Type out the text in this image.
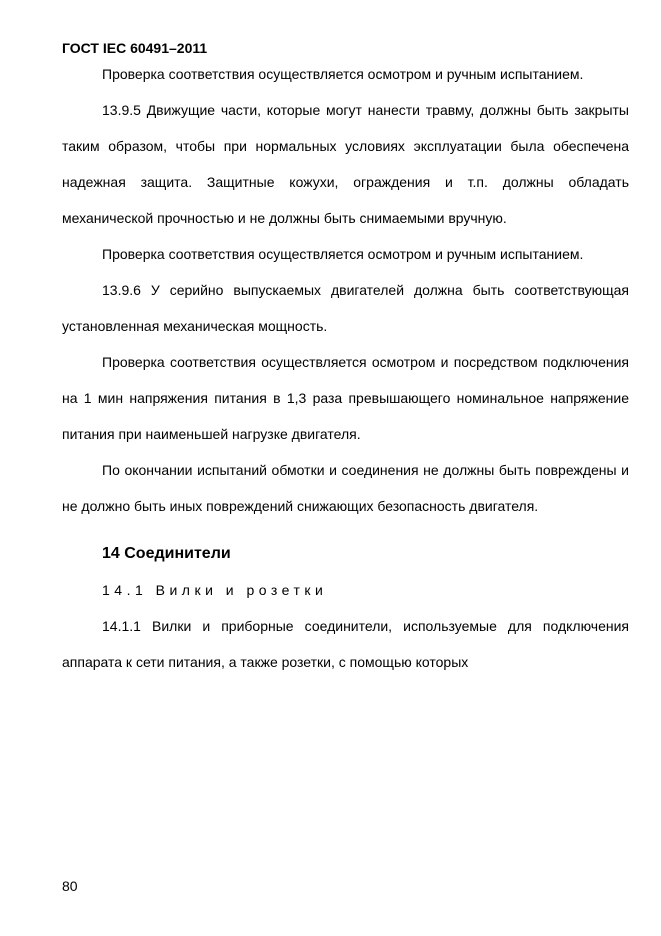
ГОСТ IEC 60491–2011

Проверка соответствия осуществляется осмотром и ручным испытанием.

13.9.5 Движущие части, которые могут нанести травму, должны быть закрыты таким образом, чтобы при нормальных условиях эксплуатации была обеспечена надежная защита. Защитные кожухи, ограждения и т.п. должны обладать механической прочностью и не должны быть снимаемыми вручную.

Проверка соответствия осуществляется осмотром и ручным испытанием.

13.9.6 У серийно выпускаемых двигателей должна быть соответствующая установленная механическая мощность.

Проверка соответствия осуществляется осмотром и посредством подключения на 1 мин напряжения питания в 1,3 раза превышающего номинальное напряжение питания при наименьшей нагрузке двигателя.

По окончании испытаний обмотки и соединения не должны быть повреждены и не должно быть иных повреждений снижающих безопасность двигателя.

14 Соединители
14.1 Вилки и розетки

14.1.1 Вилки и приборные соединители, используемые для подключения аппарата к сети питания, а также розетки, с помощью которых

80
